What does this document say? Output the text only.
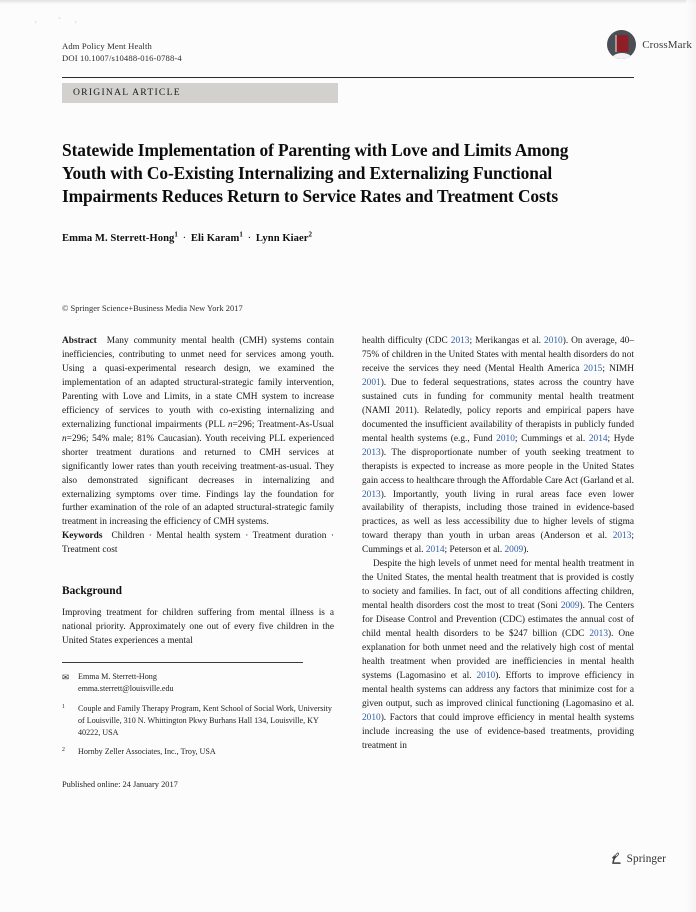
ʳ ˜ ʳ
CrossMark
Adm Policy Ment Health
DOI 10.1007/s10488-016-0788-4
ORIGINAL ARTICLE
Statewide Implementation of Parenting with Love and Limits Among Youth with Co-Existing Internalizing and Externalizing Functional Impairments Reduces Return to Service Rates and Treatment Costs
Emma M. Sterrett-Hong$^1$ · Eli Karam$^1$ · Lynn Kiaer$^2$
© Springer Science+Business Media New York 2017
Abstract Many community mental health (CMH) systems contain inefficiencies, contributing to unmet need for services among youth. Using a quasi-experimental research design, we examined the implementation of an adapted structural-strategic family intervention, Parenting with Love and Limits, in a state CMH system to increase efficiency of services to youth with co-existing internalizing and externalizing functional impairments (PLL n=296; Treatment-As-Usual n=296; 54% male; 81% Caucasian). Youth receiving PLL experienced shorter treatment durations and returned to CMH services at significantly lower rates than youth receiving treatment-as-usual. They also demonstrated significant decreases in internalizing and externalizing symptoms over time. Findings lay the foundation for further examination of the role of an adapted structural-strategic family treatment in increasing the efficiency of CMH systems.
Keywords Children · Mental health system · Treatment duration · Treatment cost
Background
Improving treatment for children suffering from mental illness is a national priority. Approximately one out of every five children in the United States experiences a mental
✉	Emma M. Sterrett-Hong
emma.sterrett@louisville.edu
$^1$	Couple and Family Therapy Program, Kent School of Social Work, University of Louisville, 310 N. Whittington Pkwy Burhans Hall 134, Louisville, KY 40222, USA
$^2$	Hornby Zeller Associates, Inc., Troy, USA
Published online: 24 January 2017
health difficulty (CDC 2013; Merikangas et al. 2010). On average, 40–75% of children in the United States with mental health disorders do not receive the services they need (Mental Health America 2015; NIMH 2001). Due to federal sequestrations, states across the country have sustained cuts in funding for community mental health treatment (NAMI 2011). Relatedly, policy reports and empirical papers have documented the insufficient availability of therapists in publicly funded mental health systems (e.g., Fund 2010; Cummings et al. 2014; Hyde 2013). The disproportionate number of youth seeking treatment to therapists is expected to increase as more people in the United States gain access to healthcare through the Affordable Care Act (Garland et al. 2013). Importantly, youth living in rural areas face even lower availability of therapists, including those trained in evidence-based practices, as well as less accessibility due to higher levels of stigma toward therapy than youth in urban areas (Anderson et al. 2013; Cummings et al. 2014; Peterson et al. 2009).
Despite the high levels of unmet need for mental health treatment in the United States, the mental health treatment that is provided is costly to society and families. In fact, out of all conditions affecting children, mental health disorders cost the most to treat (Soni 2009). The Centers for Disease Control and Prevention (CDC) estimates the annual cost of child mental health disorders to be $247 billion (CDC 2013). One explanation for both unmet need and the relatively high cost of mental health treatment when provided are inefficiencies in mental health systems (Lagomasino et al. 2010). Efforts to improve efficiency in mental health systems can address any factors that minimize cost for a given output, such as improved clinical functioning (Lagomasino et al. 2010). Factors that could improve efficiency in mental health systems include increasing the use of evidence-based treatments, providing treatment in
Springer
